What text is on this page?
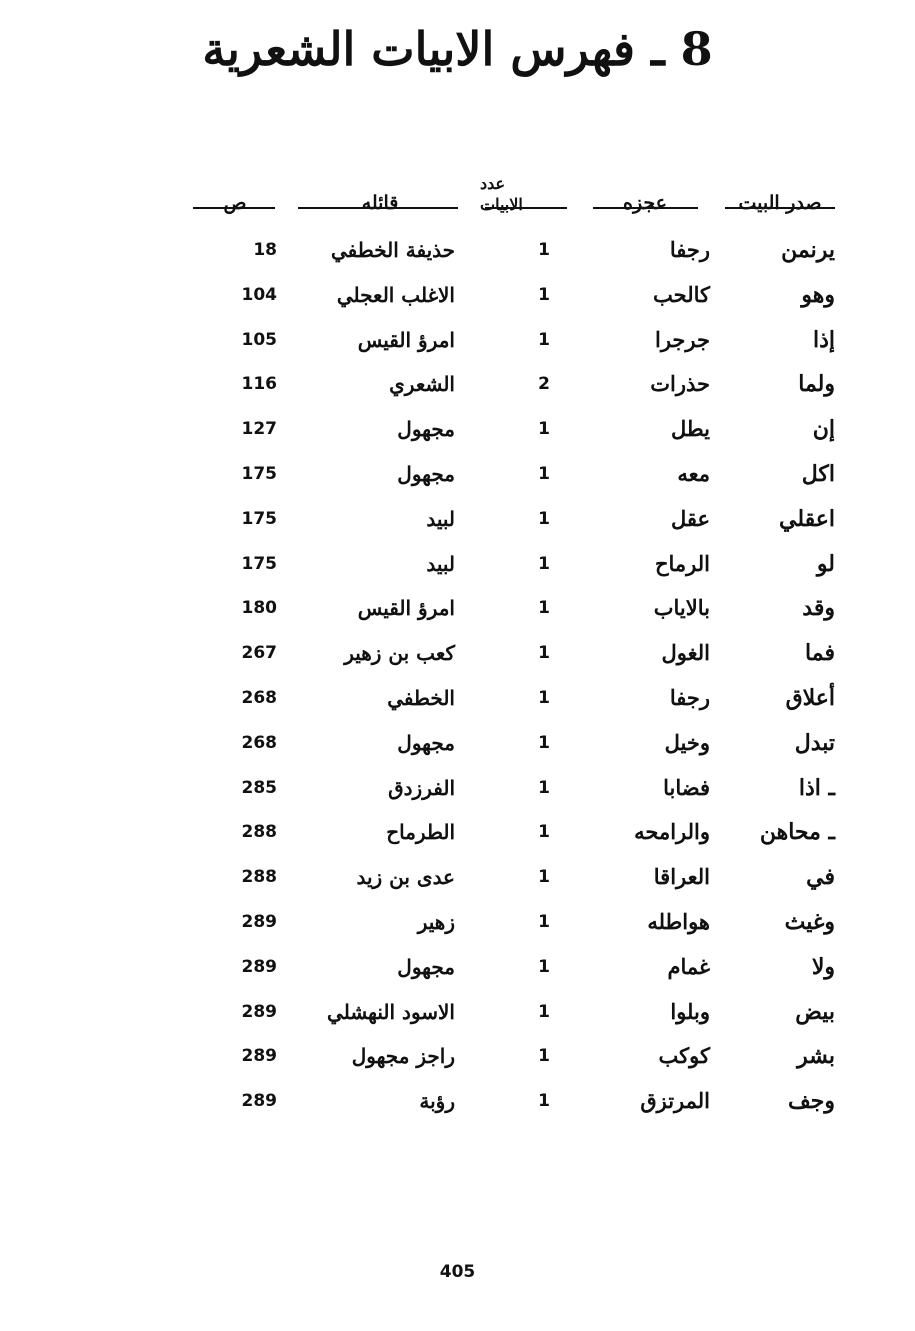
8 ـ فهرس الابيات الشعرية
صدر البيت
عجزه
عدد
الابيات
قائله
ص
يرنمن
رجفا
1
حذيفة الخطفي
18
وهو
كالحب
1
الاغلب العجلي
104
إذا
جرجرا
1
امرؤ القيس
105
ولما
حذرات
2
الشعري
116
إن
يطل
1
مجهول
127
اكل
معه
1
مجهول
175
اعقلي
عقل
1
لبيد
175
لو
الرماح
1
لبيد
175
وقد
بالاياب
1
امرؤ القيس
180
فما
الغول
1
كعب بن زهير
267
أعلاق
رجفا
1
الخطفي
268
تبدل
وخيل
1
مجهول
268
ـ اذا
فضابا
1
الفرزدق
285
ـ محاهن
والرامحه
1
الطرماح
288
في
العراقا
1
عدى بن زيد
288
وغيث
هواطله
1
زهير
289
ولا
غمام
1
مجهول
289
بيض
وبلوا
1
الاسود النهشلي
289
بشر
كوكب
1
راجز مجهول
289
وجف
المرتزق
1
رؤبة
289
405
